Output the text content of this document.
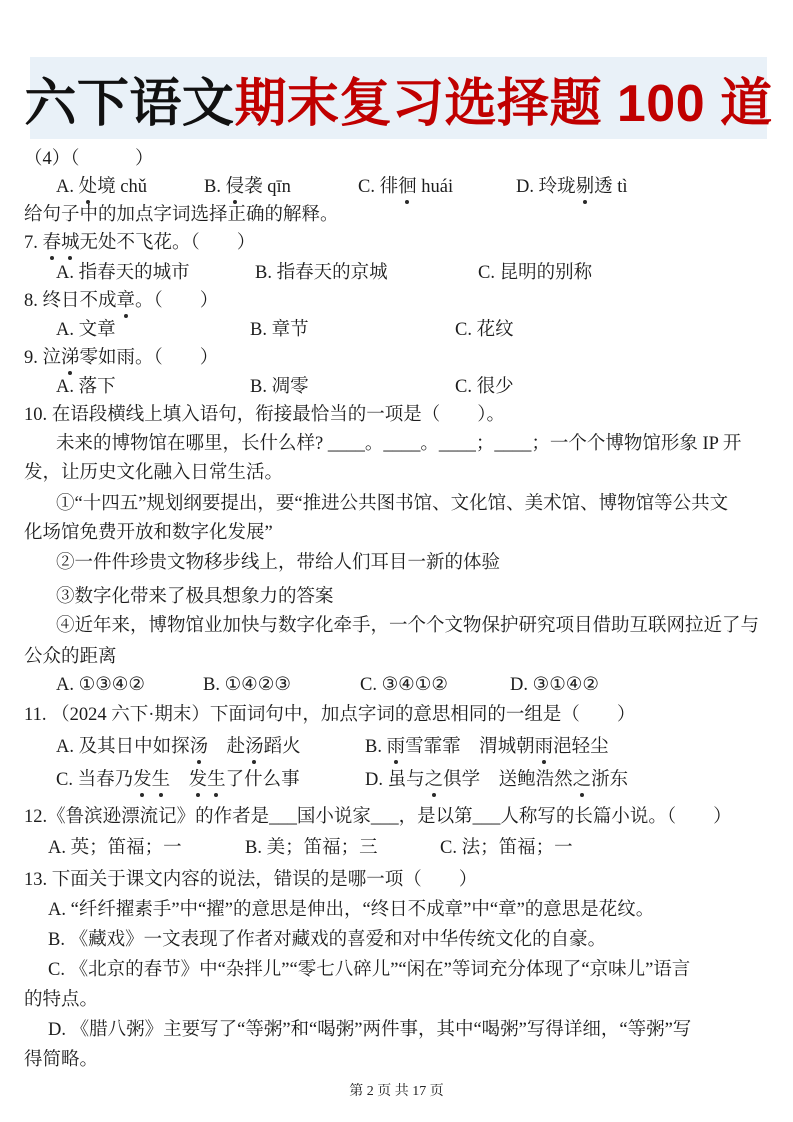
六下语文 期末复习选择题 100 道
（4）（　　　）
A. 处境 chǔ	B. 侵袭 qīn	C. 徘徊 huái	D. 玲珑剔透 tì
给句子中的加点字词选择正确的解释。
7. 春城无处不飞花。（　　）
A. 指春天的城市	B. 指春天的京城	C. 昆明的别称
8. 终日不成章。（　　）
A. 文章	B. 章节	C. 花纹
9. 泣涕零如雨。（　　）
A. 落下	B. 凋零	C. 很少
10. 在语段横线上填入语句，衔接最恰当的一项是（　　）。
未来的博物馆在哪里，长什么样? ____。____。____；____；一个个博物馆形象 IP 开
发，让历史文化融入日常生活。
①“十四五”规划纲要提出，要“推进公共图书馆、文化馆、美术馆、博物馆等公共文
化场馆免费开放和数字化发展”
②一件件珍贵文物移步线上，带给人们耳目一新的体验
③数字化带来了极具想象力的答案
④近年来，博物馆业加快与数字化牵手，一个个文物保护研究项目借助互联网拉近了与
公众的距离
A. ①③④②	B. ①④②③	C. ③④①②	D. ③①④②
11. （2024 六下·期末）下面词句中，加点字词的意思相同的一组是（　　）
A. 及其日中如探汤　赴汤蹈火	B. 雨雪霏霏　渭城朝雨浥轻尘
C. 当春乃发生　 发生了什么事	D. 虽与之俱学　送鲍浩然之浙东
12.《鲁滨逊漂流记》的作者是___国小说家___，是以第___人称写的长篇小说。（　　）
A. 英；笛福；一	B. 美；笛福；三	C. 法；笛福；一
13. 下面关于课文内容的说法，错误的是哪一项（　　）
A. “纤纤擢素手”中“擢”的意思是伸出，“终日不成章”中“章”的意思是花纹。
B. 《藏戏》一文表现了作者对藏戏的喜爱和对中华传统文化的自豪。
C. 《北京的春节》中“杂拌儿”“零七八碎儿”“闲在”等词充分体现了“京味儿”语言
的特点。
D. 《腊八粥》主要写了“等粥”和“喝粥”两件事，其中“喝粥”写得详细，“等粥”写
得简略。
第 2 页 共 17 页
